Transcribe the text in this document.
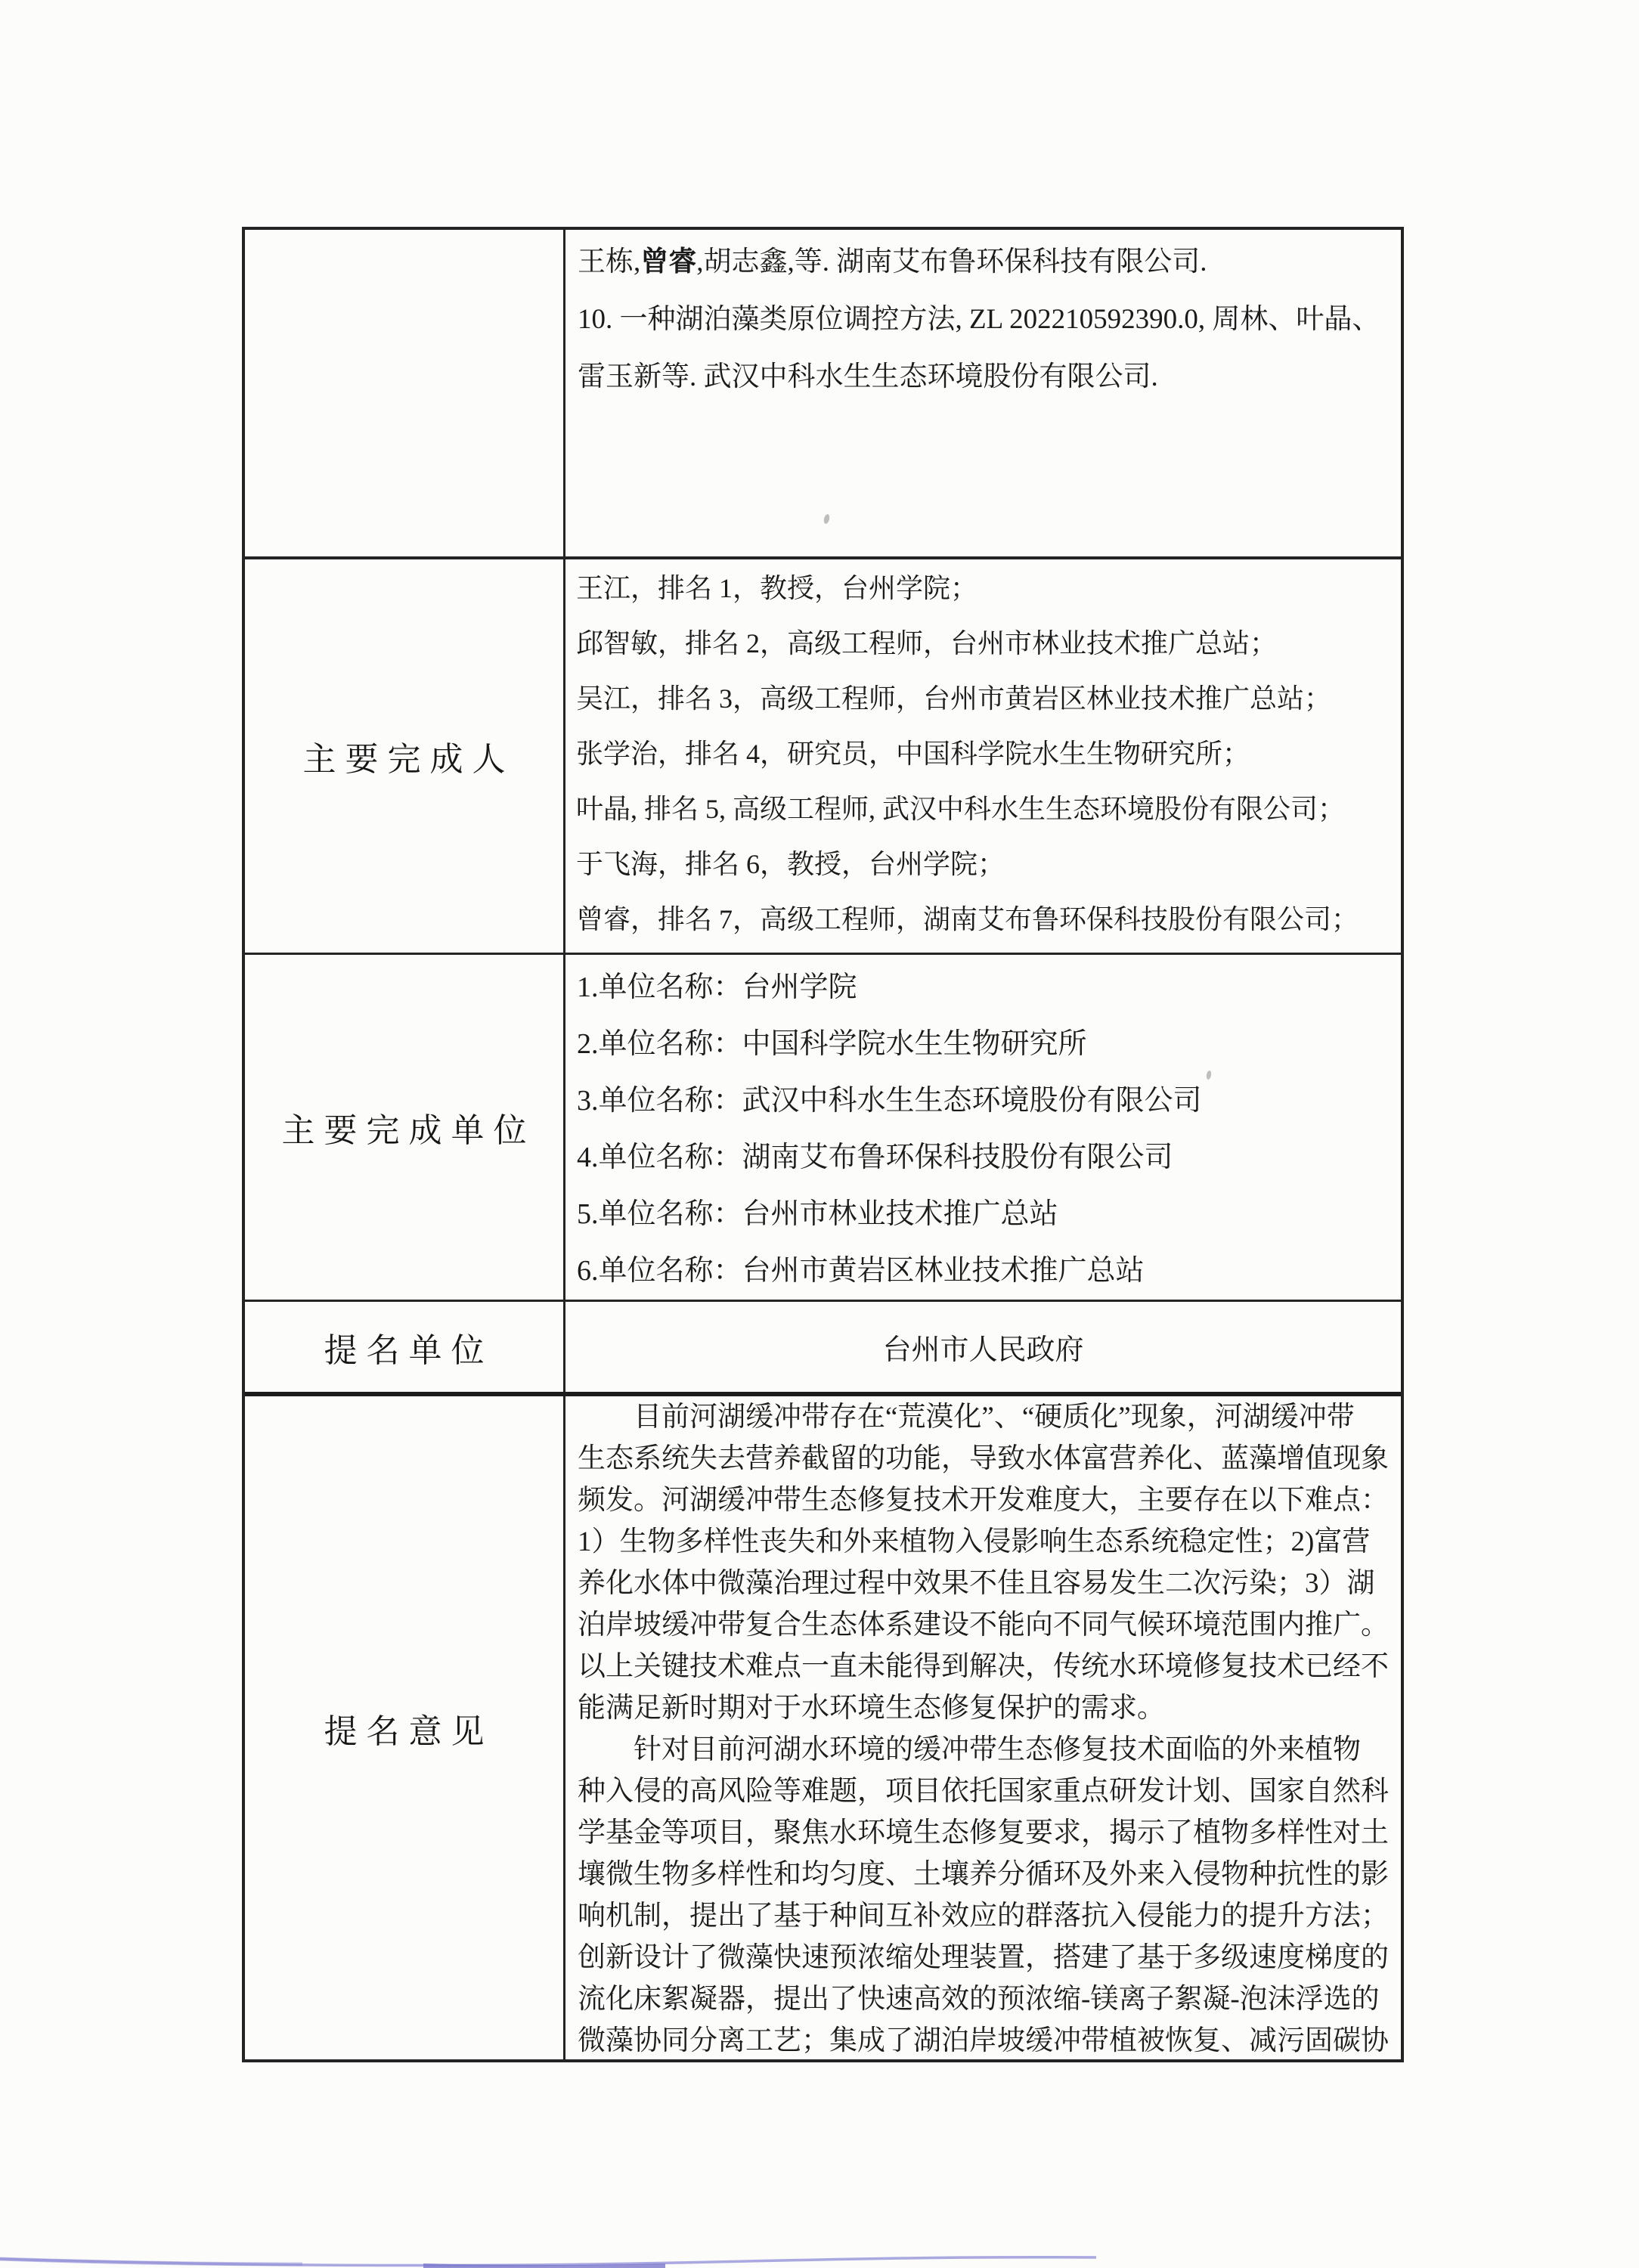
王栋,曾睿,胡志鑫,等. 湖南艾布鲁环保科技有限公司.
10. 一种湖泊藻类原位调控方法, ZL 202210592390.0, 周林、叶晶、
雷玉新等. 武汉中科水生生态环境股份有限公司.
主要完成人
王江，排名 1，教授，台州学院；
邱智敏，排名 2，高级工程师，台州市林业技术推广总站；
吴江，排名 3，高级工程师，台州市黄岩区林业技术推广总站；
张学治，排名 4，研究员，中国科学院水生生物研究所；
叶晶, 排名 5, 高级工程师, 武汉中科水生生态环境股份有限公司；
于飞海，排名 6，教授，台州学院；
曾睿，排名 7，高级工程师，湖南艾布鲁环保科技股份有限公司；
主要完成单位
1.单位名称：台州学院
2.单位名称：中国科学院水生生物研究所
3.单位名称：武汉中科水生生态环境股份有限公司
4.单位名称：湖南艾布鲁环保科技股份有限公司
5.单位名称：台州市林业技术推广总站
6.单位名称：台州市黄岩区林业技术推广总站
提名单位	台州市人民政府
提名意见
　　目前河湖缓冲带存在“荒漠化”、“硬质化”现象，河湖缓冲带
生态系统失去营养截留的功能，导致水体富营养化、蓝藻增值现象
频发。河湖缓冲带生态修复技术开发难度大，主要存在以下难点：
1）生物多样性丧失和外来植物入侵影响生态系统稳定性；2)富营
养化水体中微藻治理过程中效果不佳且容易发生二次污染；3）湖
泊岸坡缓冲带复合生态体系建设不能向不同气候环境范围内推广。
以上关键技术难点一直未能得到解决，传统水环境修复技术已经不
能满足新时期对于水环境生态修复保护的需求。
　　针对目前河湖水环境的缓冲带生态修复技术面临的外来植物
种入侵的高风险等难题，项目依托国家重点研发计划、国家自然科
学基金等项目，聚焦水环境生态修复要求，揭示了植物多样性对土
壤微生物多样性和均匀度、土壤养分循环及外来入侵物种抗性的影
响机制，提出了基于种间互补效应的群落抗入侵能力的提升方法；
创新设计了微藻快速预浓缩处理装置，搭建了基于多级速度梯度的
流化床絮凝器，提出了快速高效的预浓缩-镁离子絮凝-泡沫浮选的
微藻协同分离工艺；集成了湖泊岸坡缓冲带植被恢复、减污固碳协
